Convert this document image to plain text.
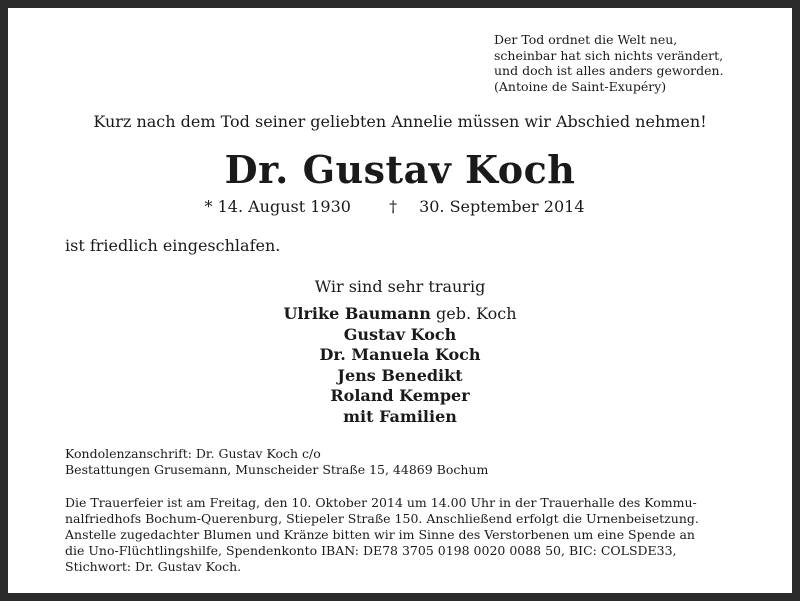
Der Tod ordnet die Welt neu,
scheinbar hat sich nichts verändert,
und doch ist alles anders geworden.
(Antoine de Saint-Exupéry)
Kurz nach dem Tod seiner geliebten Annelie müssen wir Abschied nehmen!
Dr. Gustav Koch
* 14. August 1930 † 30. September 2014
ist friedlich eingeschlafen.
Wir sind sehr traurig
Ulrike Baumann geb. Koch
Gustav Koch
Dr. Manuela Koch
Jens Benedikt
Roland Kemper
mit Familien
Kondolenzanschrift: Dr. Gustav Koch c/o
Bestattungen Grusemann, Munscheider Straße 15, 44869 Bochum
Die Trauerfeier ist am Freitag, den 10. Oktober 2014 um 14.00 Uhr in der Trauerhalle des Kommu-
nalfriedhofs Bochum-Querenburg, Stiepeler Straße 150. Anschließend erfolgt die Urnenbeisetzung.
Anstelle zugedachter Blumen und Kränze bitten wir im Sinne des Verstorbenen um eine Spende an
die Uno-Flüchtlingshilfe, Spendenkonto IBAN: DE78 3705 0198 0020 0088 50, BIC: COLSDE33,
Stichwort: Dr. Gustav Koch.
